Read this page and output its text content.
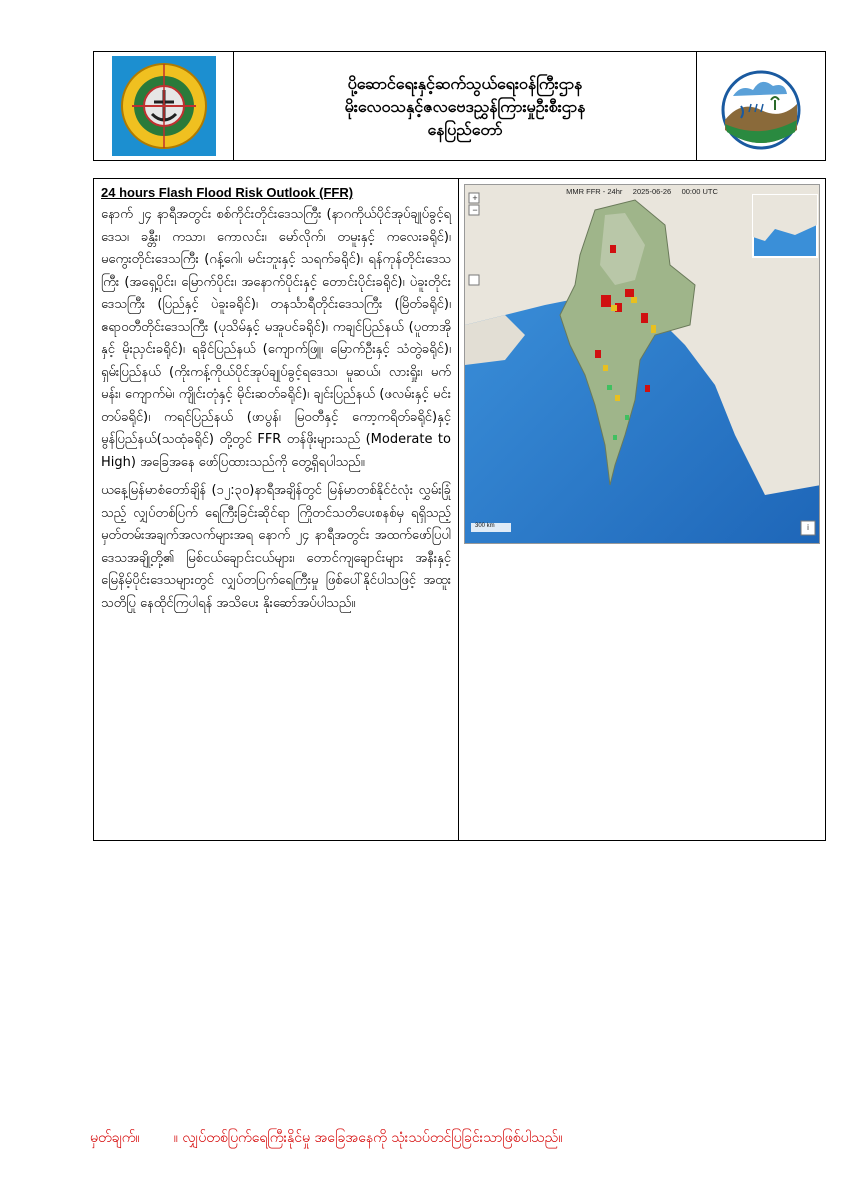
ပို့ဆောင်ရေးနှင့်ဆက်သွယ်ရေးဝန်ကြီးဌာန
မိုးလေဝသနှင့်ဇလဗေဒညွှန်ကြားမှုဦးစီးဌာန
နေပြည်တော်
24 hours Flash Flood Risk Outlook (FFR)

နောက် ၂၄ နာရီအတွင်း စစ်ကိုင်းတိုင်းဒေသကြီး (နာဂကိုယ်ပိုင်အုပ်ချုပ်ခွင့်ရဒေသ၊ ခန္တီး၊ ကသာ၊ ကောလင်း၊ မော်လိုက်၊ တမူးနှင့် ကလေးခရိုင်)၊ မကွေးတိုင်းဒေသကြီး (ဂန့်ဂေါ၊ မင်းဘူးနှင့် သရက်ခရိုင်)၊ ရန်ကုန်တိုင်းဒေသကြီး (အရှေ့ပိုင်း၊ မြောက်ပိုင်း၊ အနောက်ပိုင်းနှင့် တောင်းပိုင်းခရိုင်)၊ ပဲခူးတိုင်းဒေသကြီး (ပြည်နှင့် ပဲခူးခရိုင်)၊ တနင်္သာရီတိုင်းဒေသကြီး (မြိတ်ခရိုင်)၊ ဧရာဝတီတိုင်းဒေသကြီး (ပုသိမ်နှင့် မအူပင်ခရိုင်)၊ ကချင်ပြည်နယ် (ပူတာအိုနှင့် မိုးညှင်းခရိုင်)၊ ရခိုင်ပြည်နယ် (ကျောက်ဖြူ၊ မြောက်ဦးနှင့် သံတွဲခရိုင်)၊ ရှမ်းပြည်နယ် (ကိုးကန့်ကိုယ်ပိုင်အုပ်ချုပ်ခွင့်ရဒေသ၊ မူဆယ်၊ လားရှိုး၊ မက်မန်း၊ ကျောက်မဲ၊ ကျိုင်းတုံနှင့် မိုင်းဆတ်ခရိုင်)၊ ချင်းပြည်နယ် (ဖလမ်းနှင့် မင်းတပ်ခရိုင်)၊ ကရင်ပြည်နယ် (ဖာပွန်၊ မြဝတီနှင့် ကော့ကရိတ်ခရိုင်)နှင့် မွန်ပြည်နယ်(သထုံခရိုင်) တို့တွင် FFR တန်ဖိုးများသည် (Moderate to High) အခြေအနေ ဖော်ပြထားသည်ကို တွေ့ရှိရပါသည်။

ယနေ့မြန်မာစံတော်ချိန် (၁၂:၃၀)နာရီအချိန်တွင် မြန်မာတစ်နိုင်ငံလုံး လွှမ်းခြုံသည့် လျှပ်တစ်ပြက် ရေကြီးခြင်းဆိုင်ရာ ကြိုတင်သတိပေးစနစ်မှ ရရှိသည့် မှတ်တမ်းအချက်အလက်များအရ နောက် ၂၄ နာရီအတွင်း အထက်ဖော်ပြပါ ဒေသအချို့တို့၏ မြစ်ငယ်ချောင်းငယ်များ၊ တောင်ကျချောင်းများ အနီးနှင့် မြေနိမ့်ပိုင်းဒေသများတွင် လျှပ်တပြက်ရေကြီးမှု ဖြစ်ပေါ်နိုင်ပါသဖြင့် အထူးသတိပြု နေထိုင်ကြပါရန် အသိပေး နိုးဆော်အပ်ပါသည်။

MMR FFR - 24hr 2025-06-26 00:00 UTC
+
−
300 km	i
မှတ်ချက်။ ။ လျှပ်တစ်ပြက်ရေကြီးနိုင်မှု အခြေအနေကို သုံးသပ်တင်ပြခြင်းသာဖြစ်ပါသည်။
